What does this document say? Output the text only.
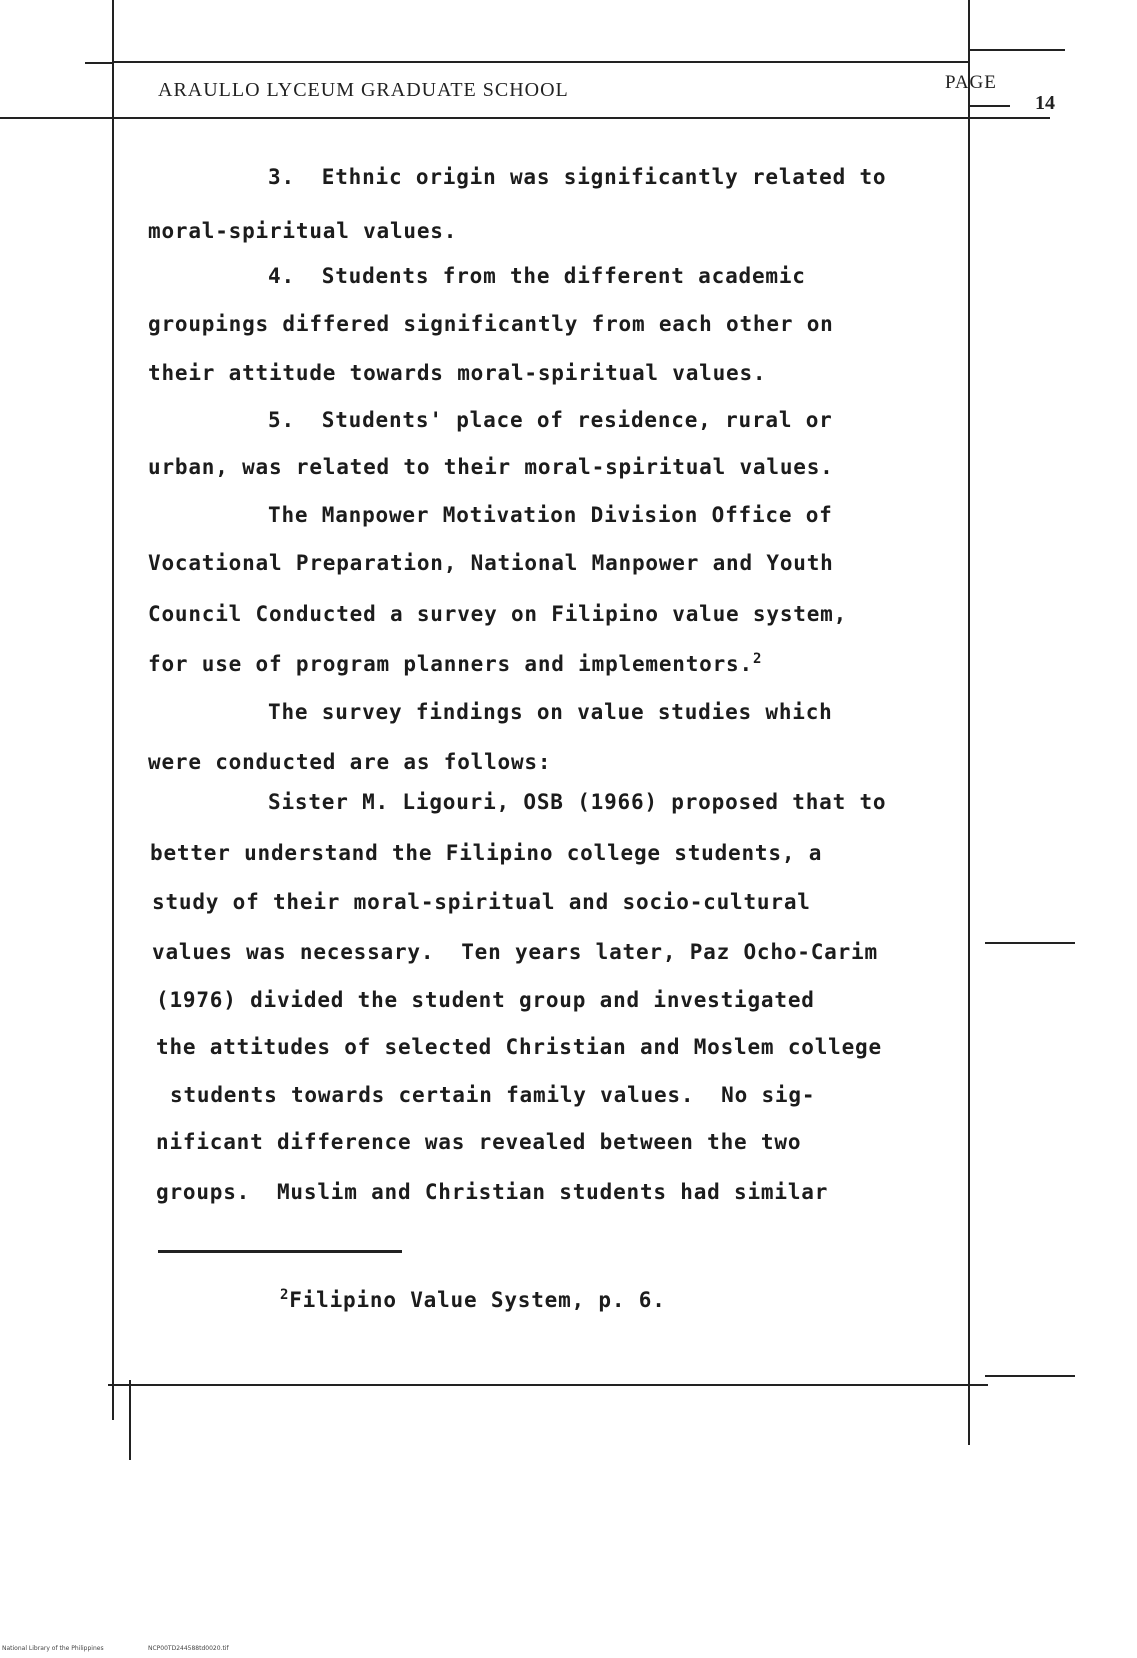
ARAULLO LYCEUM GRADUATE SCHOOL	PAGE
14
3.  Ethnic origin was significantly related to
moral-spiritual values.
4.  Students from the different academic
groupings differed significantly from each other on
their attitude towards moral-spiritual values.
5.  Students' place of residence, rural or
urban, was related to their moral-spiritual values.
The Manpower Motivation Division Office of
Vocational Preparation, National Manpower and Youth
Council Conducted a survey on Filipino value system,
for use of program planners and implementors.$^2$
The survey findings on value studies which
were conducted are as follows:
Sister M. Ligouri, OSB (1966) proposed that to
better understand the Filipino college students, a
study of their moral-spiritual and socio-cultural
values was necessary.  Ten years later, Paz Ocho-Carim
(1976) divided the student group and investigated
the attitudes of selected Christian and Moslem college
students towards certain family values.  No sig-
nificant difference was revealed between the two
groups.  Muslim and Christian students had similar
$^2$Filipino Value System, p. 6.
National Library of the Philippines	NCP00TD244588td0020.tif
